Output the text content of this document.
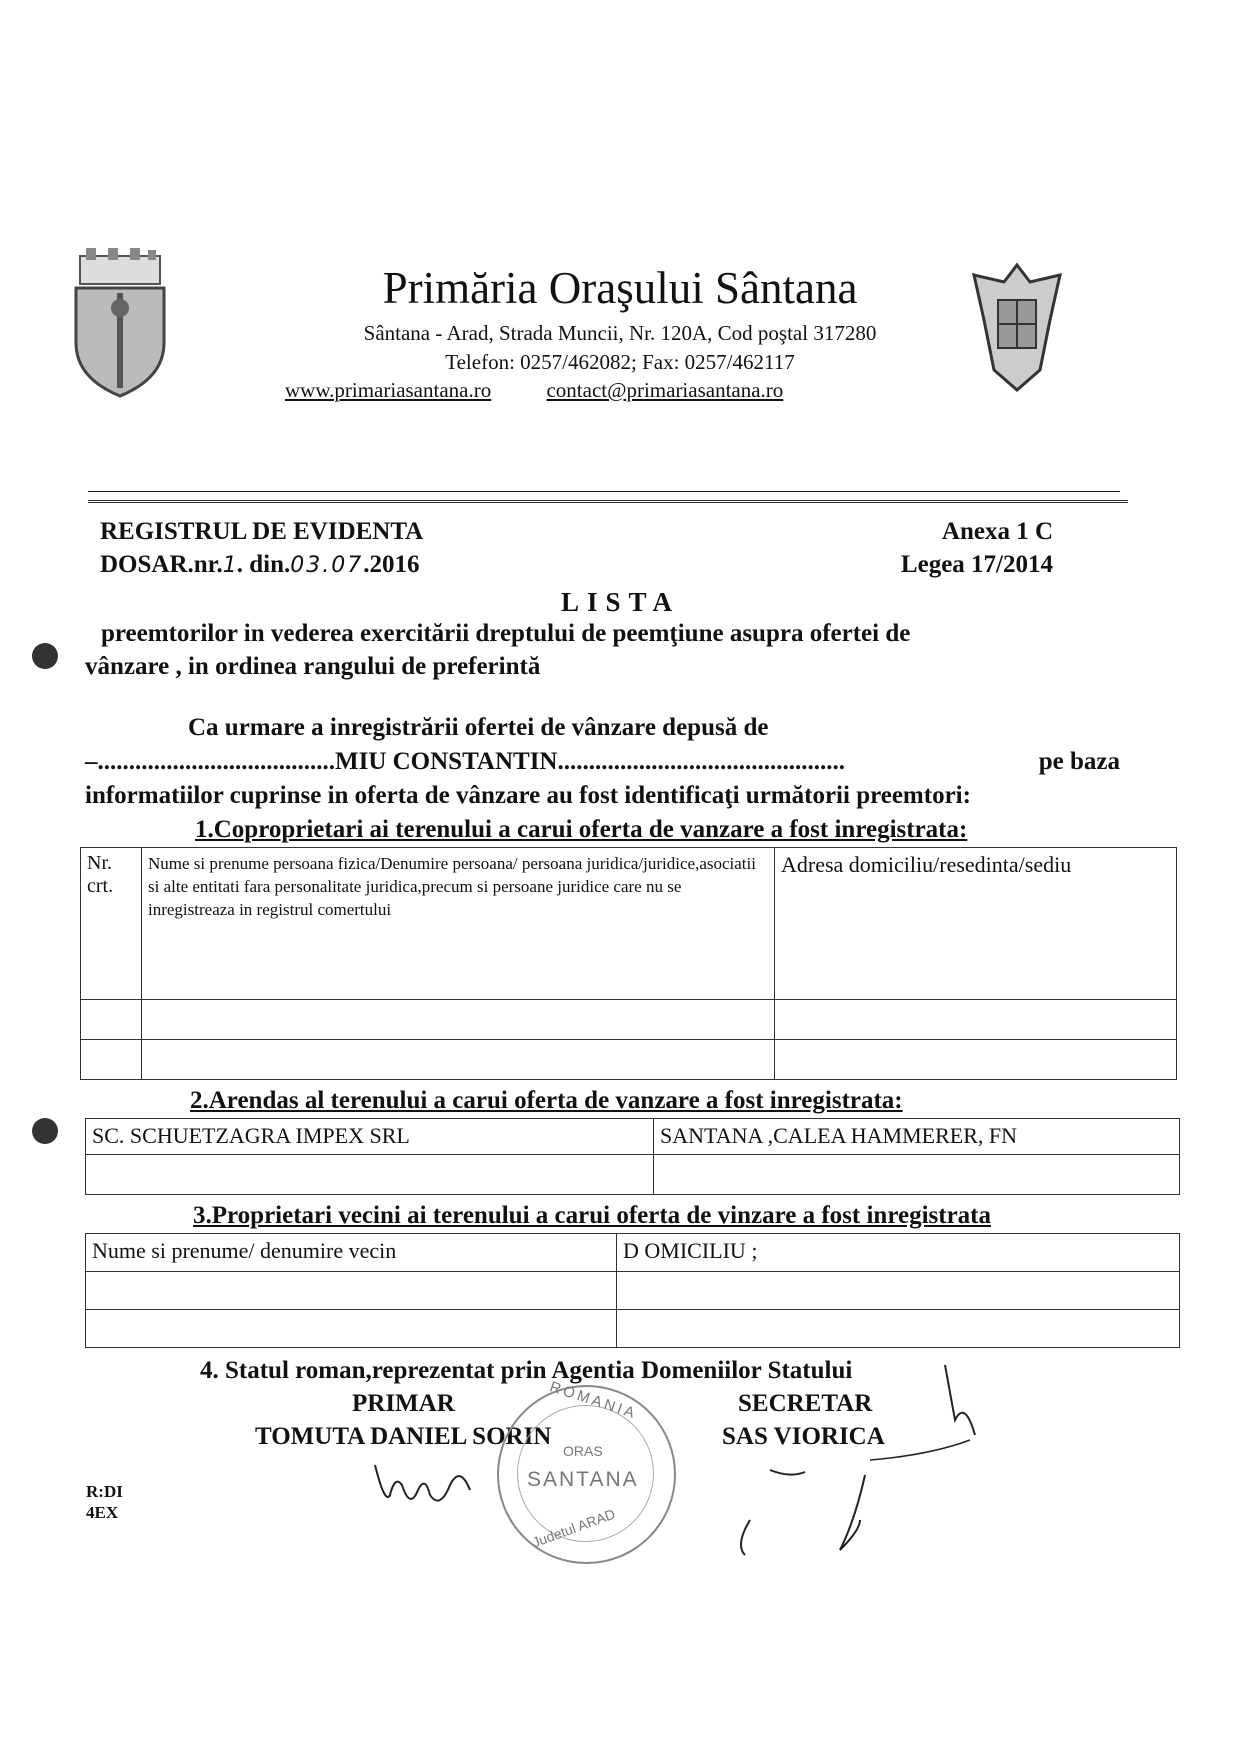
Primăria Oraşului Sântana
Sântana - Arad, Strada Muncii, Nr. 120A, Cod poştal 317280
Telefon: 0257/462082; Fax: 0257/462117
www.primariasantana.ro	contact@primariasantana.ro
REGISTRUL DE EVIDENTA
DOSAR.nr.1. din.03.07.2016
Anexa 1 C
Legea 17/2014
LISTA
preemtorilor in vederea exercitării dreptului de peemţiune asupra ofertei de
vânzare , in ordinea rangului de preferintă
Ca urmare a inregistrării ofertei de vânzare depusă de
–......................................MIU CONSTANTIN..............................................	pe baza
informatiilor cuprinse in oferta de vânzare au fost identificaţi următorii preemtori:
1.Coproprietari ai terenului a carui oferta de vanzare a fost inregistrata:
Nr. crt.	Nume si prenume persoana fizica/Denumire persoana/ persoana juridica/juridice,asociatii si alte entitati fara personalitate juridica,precum si persoane juridice care nu se inregistreaza in registrul comertului	Adresa domiciliu/resedinta/sediu

2.Arendas al terenului a carui oferta de vanzare a fost inregistrata:
SC. SCHUETZAGRA IMPEX SRL	SANTANA ,CALEA HAMMERER, FN

3.Proprietari vecini ai terenului a carui oferta de vinzare a fost inregistrata
Nume si prenume/ denumire vecin	D OMICILIU ;

4. Statul roman,reprezentat prin Agentia Domeniilor Statului
PRIMAR
TOMUTA DANIEL SORIN
SECRETAR
SAS VIORICA
ROMANIA
ORAS
SANTANA
Judetul ARAD
R:DI
4EX
